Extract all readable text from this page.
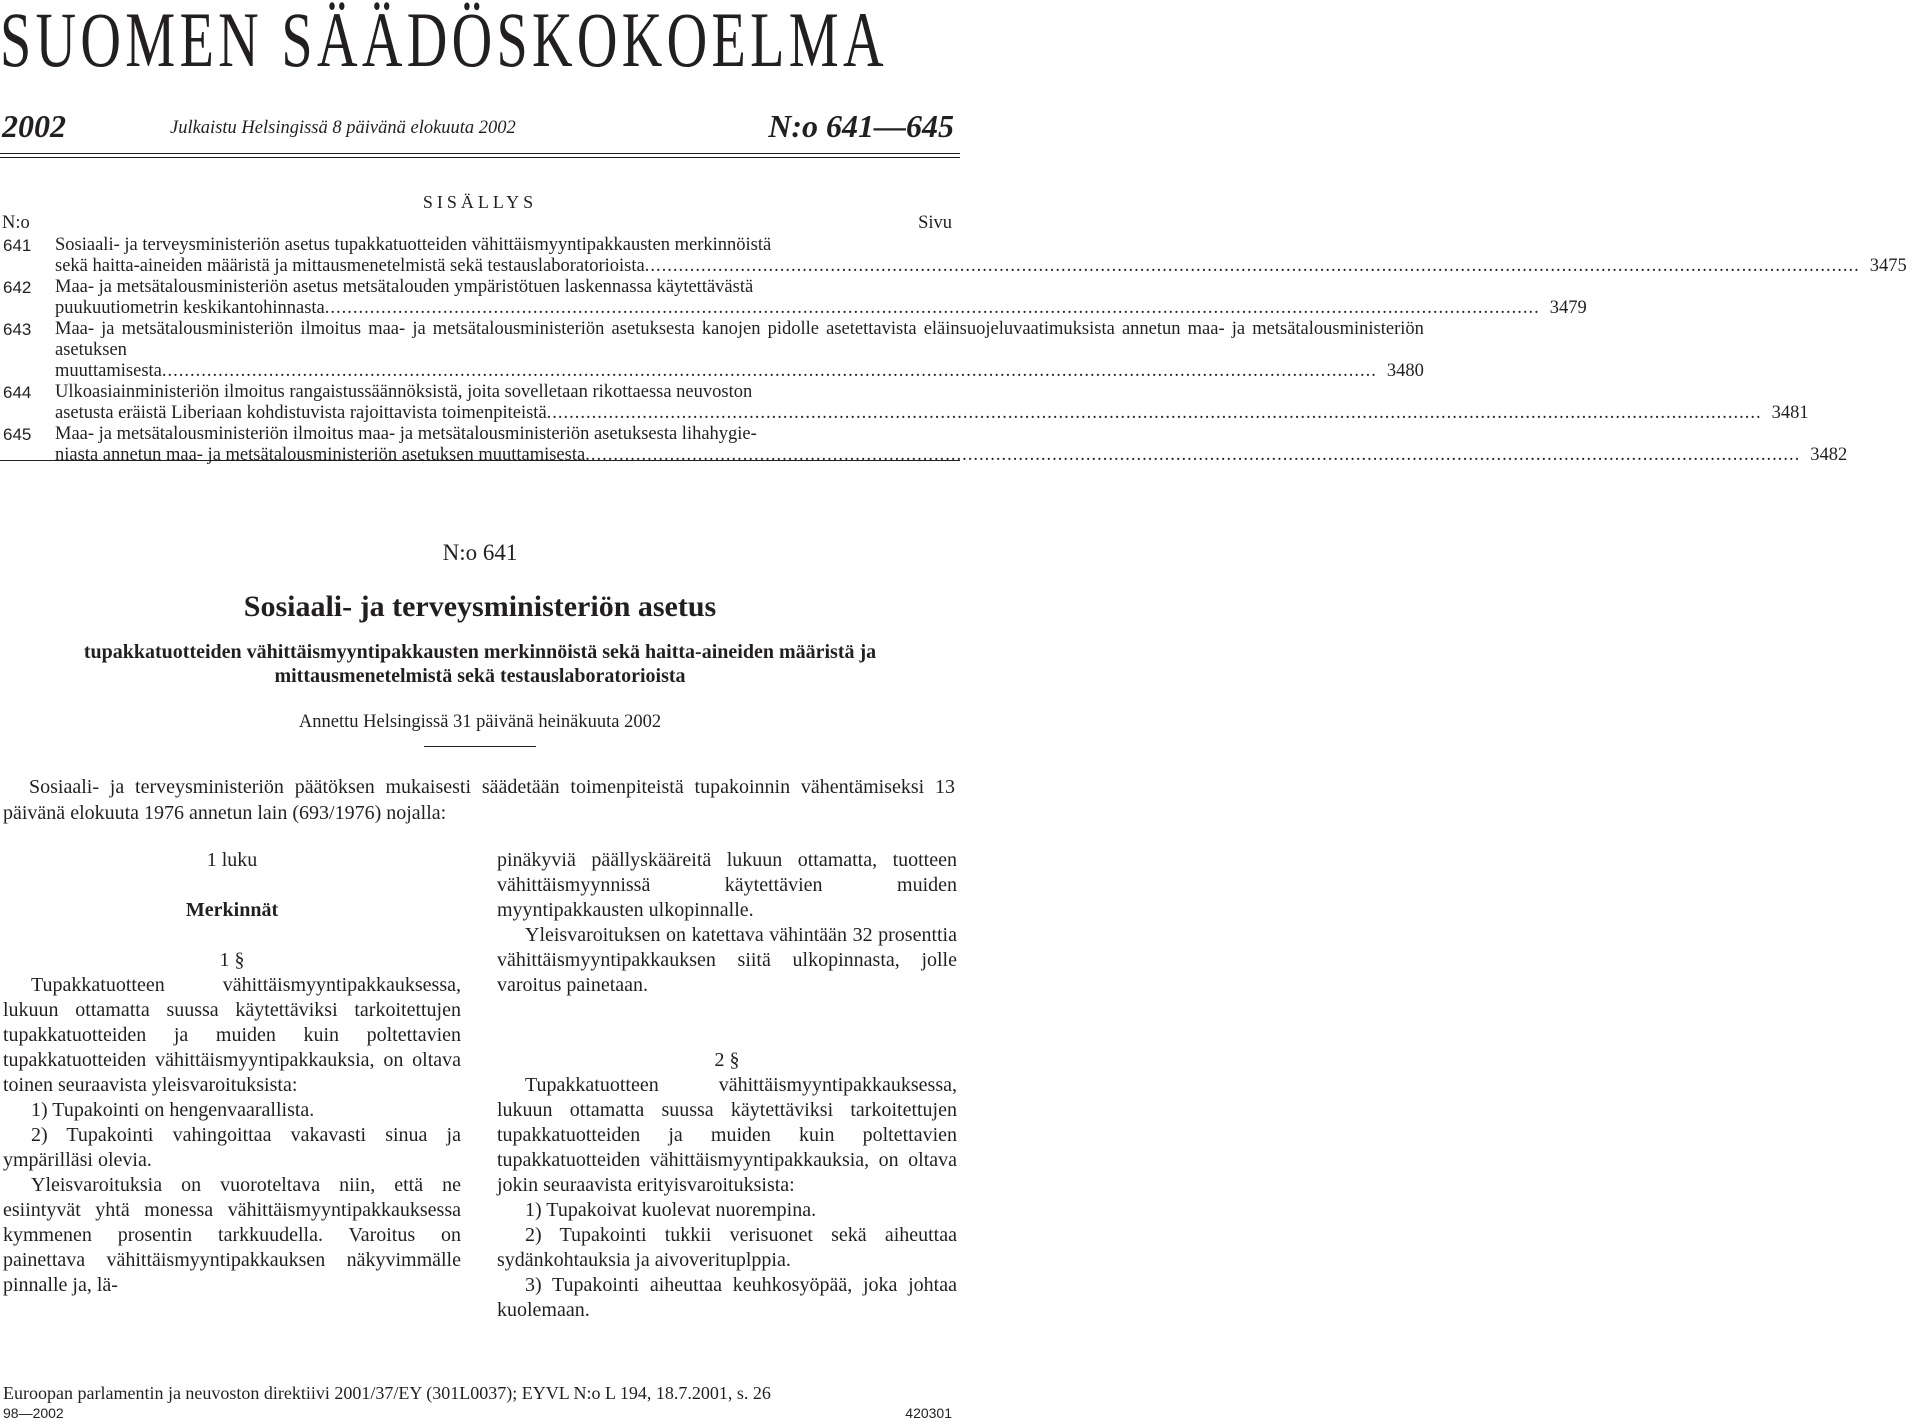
SUOMEN SÄÄDÖSKOKOELMA
2002	Julkaistu Helsingissä 8 päivänä elokuuta 2002	N:o 641—645
SISÄLLYS
N:o	Sivu
641	Sosiaali- ja terveysministeriön asetus tupakkatuotteiden vähittäismyyntipakkausten merkinnöistä
sekä haitta-aineiden määristä ja mittausmenetelmistä sekä testauslaboratorioista .....	3475
642	Maa- ja metsätalousministeriön asetus metsätalouden ympäristötuen laskennassa käytettävästä
puukuutiometrin keskikantohinnasta .....	3479
643	Maa- ja metsätalousministeriön ilmoitus maa- ja metsätalousministeriön asetuksesta kanojen pidolle asetettavista eläinsuojeluvaatimuksista annetun maa- ja metsätalousministeriön asetuksen
muuttamisesta .....	3480
644	Ulkoasiainministeriön ilmoitus rangaistussäännöksistä, joita sovelletaan rikottaessa neuvoston
asetusta eräistä Liberiaan kohdistuvista rajoittavista toimenpiteistä .....	3481
645	Maa- ja metsätalousministeriön ilmoitus maa- ja metsätalousministeriön asetuksesta lihahygie-
niasta annetun maa- ja metsätalousministeriön asetuksen muuttamisesta .....	3482
N:o 641
Sosiaali- ja terveysministeriön asetus
tupakkatuotteiden vähittäismyyntipakkausten merkinnöistä sekä haitta-aineiden määristä ja mittausmenetelmistä sekä testauslaboratorioista
Annettu Helsingissä 31 päivänä heinäkuuta 2002
Sosiaali- ja terveysministeriön päätöksen mukaisesti säädetään toimenpiteistä tupakoinnin vähentämiseksi 13 päivänä elokuuta 1976 annetun lain (693/1976) nojalla:

1 luku

Merkinnät

1 §

Tupakkatuotteen vähittäismyyntipakkauksessa, lukuun ottamatta suussa käytettäviksi tarkoitettujen tupakkatuotteiden ja muiden kuin poltettavien tupakkatuotteiden vähittäismyyntipakkauksia, on oltava toinen seuraavista yleisvaroituksista:

1) Tupakointi on hengenvaarallista.

2) Tupakointi vahingoittaa vakavasti sinua ja ympärilläsi olevia.

Yleisvaroituksia on vuoroteltava niin, että ne esiintyvät yhtä monessa vähittäismyyntipakkauksessa kymmenen prosentin tarkkuudella. Varoitus on painettava vähittäismyyntipakkauksen näkyvimmälle pinnalle ja, lä-

pinäkyviä päällyskääreitä lukuun ottamatta, tuotteen vähittäismyynnissä käytettävien muiden myyntipakkausten ulkopinnalle.

Yleisvaroituksen on katettava vähintään 32 prosenttia vähittäismyyntipakkauksen siitä ulkopinnasta, jolle varoitus painetaan.

2 §

Tupakkatuotteen vähittäismyyntipakkauksessa, lukuun ottamatta suussa käytettäviksi tarkoitettujen tupakkatuotteiden ja muiden kuin poltettavien tupakkatuotteiden vähittäismyyntipakkauksia, on oltava jokin seuraavista erityisvaroituksista:

1) Tupakoivat kuolevat nuorempina.

2) Tupakointi tukkii verisuonet sekä aiheuttaa sydänkohtauksia ja aivoverituplppia.

3) Tupakointi aiheuttaa keuhkosyöpää, joka johtaa kuolemaan.

Euroopan parlamentin ja neuvoston direktiivi 2001/37/EY (301L0037); EYVL N:o L 194, 18.7.2001, s. 26
98—2002	420301
